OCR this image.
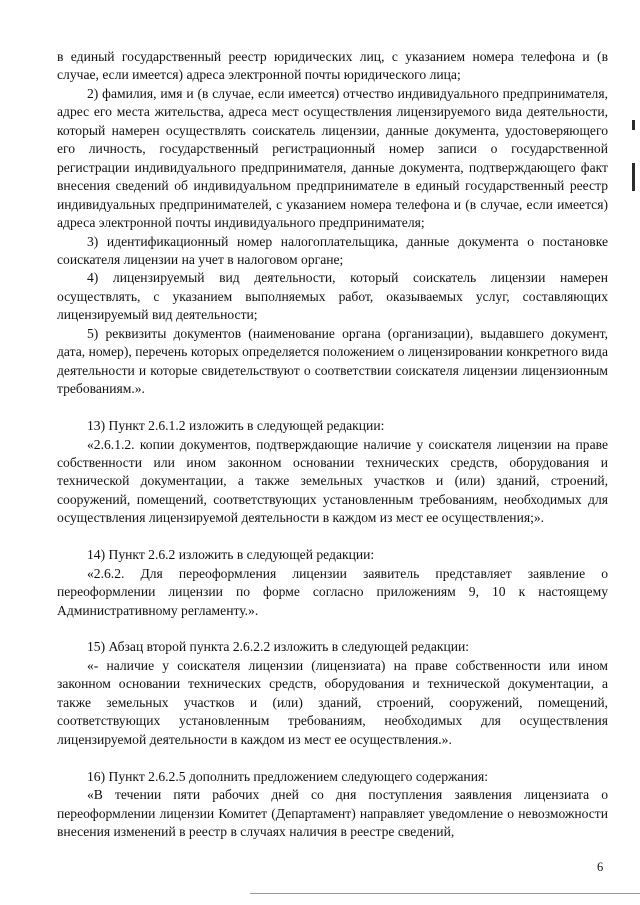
в единый государственный реестр юридических лиц, с указанием номера телефона и (в случае, если имеется) адреса электронной почты юридического лица;

2) фамилия, имя и (в случае, если имеется) отчество индивидуального предпринимателя, адрес его места жительства, адреса мест осуществления лицензируемого вида деятельности, который намерен осуществлять соискатель лицензии, данные документа, удостоверяющего его личность, государственный регистрационный номер записи о государственной регистрации индивидуального предпринимателя, данные документа, подтверждающего факт внесения сведений об индивидуальном предпринимателе в единый государственный реестр индивидуальных предпринимателей, с указанием номера телефона и (в случае, если имеется) адреса электронной почты индивидуального предпринимателя;

3) идентификационный номер налогоплательщика, данные документа о постановке соискателя лицензии на учет в налоговом органе;

4) лицензируемый вид деятельности, который соискатель лицензии намерен осуществлять, с указанием выполняемых работ, оказываемых услуг, составляющих лицензируемый вид деятельности;

5) реквизиты документов (наименование органа (организации), выдавшего документ, дата, номер), перечень которых определяется положением о лицензировании конкретного вида деятельности и которые свидетельствуют о соответствии соискателя лицензии лицензионным требованиям.».

13) Пункт 2.6.1.2 изложить в следующей редакции:

«2.6.1.2. копии документов, подтверждающие наличие у соискателя лицензии на праве собственности или ином законном основании технических средств, оборудования и технической документации, а также земельных участков и (или) зданий, строений, сооружений, помещений, соответствующих установленным требованиям, необходимых для осуществления лицензируемой деятельности в каждом из мест ее осуществления;».

14) Пункт 2.6.2 изложить в следующей редакции:

«2.6.2. Для переоформления лицензии заявитель представляет заявление о переоформлении лицензии по форме согласно приложениям 9, 10 к настоящему Административному регламенту.».

15) Абзац второй пункта 2.6.2.2 изложить в следующей редакции:

«- наличие у соискателя лицензии (лицензиата) на праве собственности или ином законном основании технических средств, оборудования и технической документации, а также земельных участков и (или) зданий, строений, сооружений, помещений, соответствующих установленным требованиям, необходимых для осуществления лицензируемой деятельности в каждом из мест ее осуществления.».

16) Пункт 2.6.2.5 дополнить предложением следующего содержания:

«В течении пяти рабочих дней со дня поступления заявления лицензиата о переоформлении лицензии Комитет (Департамент) направляет уведомление о невозможности внесения изменений в реестр в случаях наличия в реестре сведений,

6
